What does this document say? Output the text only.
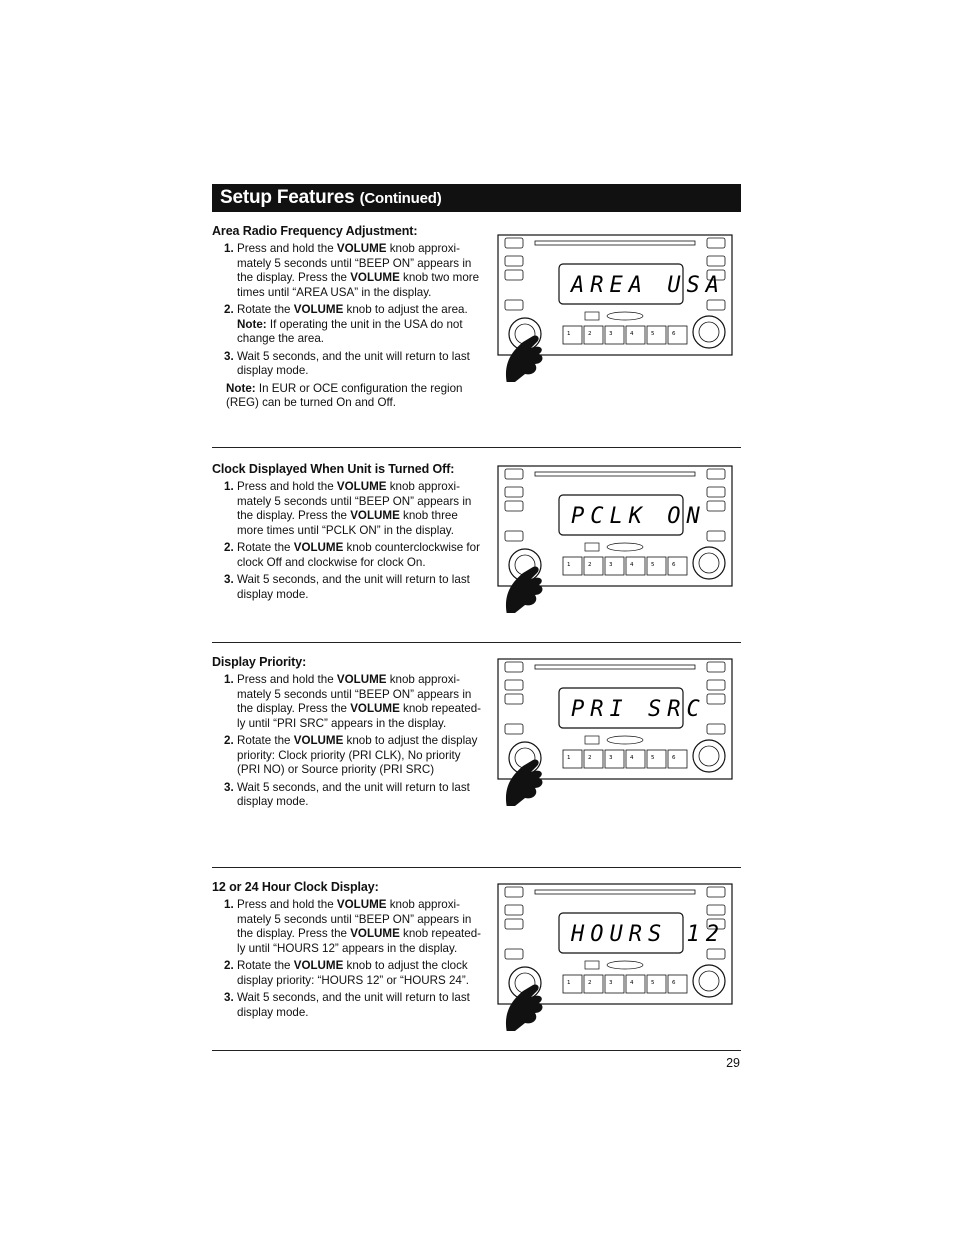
Setup Features (Continued)
Area Radio Frequency Adjustment:
1. Press and hold the VOLUME knob approxi-mately 5 seconds until “BEEP ON” appears in the display. Press the VOLUME knob two more times until “AREA USA” in the display.
2. Rotate the VOLUME knob to adjust the area. Note: If operating the unit in the USA do not change the area.
3. Wait 5 seconds, and the unit will return to last display mode.
Note: In EUR or OCE configuration the region (REG) can be turned On and Off.
AREA USA
1	2	3	4	5	6
Clock Displayed When Unit is Turned Off:
1. Press and hold the VOLUME knob approxi-mately 5 seconds until “BEEP ON” appears in the display. Press the VOLUME knob three more times until “PCLK ON” in the display.
2. Rotate the VOLUME knob counterclockwise for clock Off and clockwise for clock On.
3. Wait 5 seconds, and the unit will return to last display mode.
PCLK ON
1	2	3	4	5	6
Display Priority:
1. Press and hold the VOLUME knob approxi-mately 5 seconds until “BEEP ON” appears in the display. Press the VOLUME knob repeated-ly until “PRI SRC” appears in the display.
2. Rotate the VOLUME knob to adjust the display priority: Clock priority (PRI CLK), No priority (PRI NO) or Source priority (PRI SRC)
3. Wait 5 seconds, and the unit will return to last display mode.
PRI SRC
1	2	3	4	5	6
12 or 24 Hour Clock Display:
1. Press and hold the VOLUME knob approxi-mately 5 seconds until “BEEP ON” appears in the display. Press the VOLUME knob repeated-ly until “HOURS 12” appears in the display.
2. Rotate the VOLUME knob to adjust the clock display priority: “HOURS 12” or “HOURS 24”.
3. Wait 5 seconds, and the unit will return to last display mode.
HOURS 12
1	2	3	4	5	6
29
